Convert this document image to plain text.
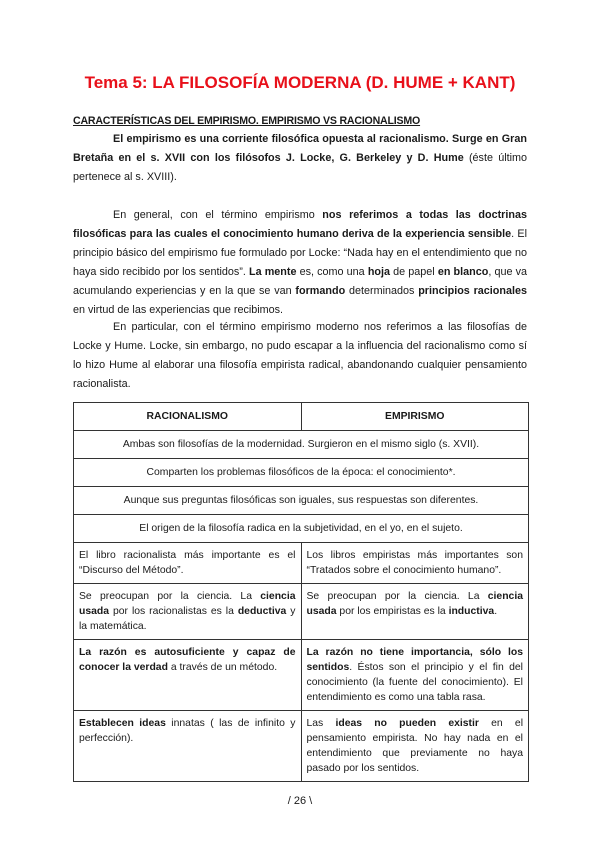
Tema 5: LA FILOSOFÍA MODERNA (D. HUME + KANT)
CARACTERÍSTICAS DEL EMPIRISMO. EMPIRISMO VS RACIONALISMO
El empirismo es una corriente filosófica opuesta al racionalismo. Surge en Gran Bretaña en el s. XVII con los filósofos J. Locke, G. Berkeley y D. Hume (éste último pertenece al s. XVIII).
En general, con el término empirismo nos referimos a todas las doctrinas filosóficas para las cuales el conocimiento humano deriva de la experiencia sensible. El principio básico del empirismo fue formulado por Locke: “Nada hay en el entendimiento que no haya sido recibido por los sentidos”. La mente es, como una hoja de papel en blanco, que va acumulando experiencias y en la que se van formando determinados principios racionales en virtud de las experiencias que recibimos.
En particular, con el término empirismo moderno nos referimos a las filosofías de Locke y Hume. Locke, sin embargo, no pudo escapar a la influencia del racionalismo como sí lo hizo Hume al elaborar una filosofía empirista radical, abandonando cualquier pensamiento racionalista.
RACIONALISMO	EMPIRISMO
Ambas son filosofías de la modernidad. Surgieron en el mismo siglo (s. XVII).	
Comparten los problemas filosóficos de la época: el conocimiento*.	
Aunque sus preguntas filosóficas son iguales, sus respuestas son diferentes.	
El origen de la filosofía radica en la subjetividad, en el yo, en el sujeto.	
El libro racionalista más importante es el “Discurso del Método”.	Los libros empiristas más importantes son “Tratados sobre el conocimiento humano”.
Se preocupan por la ciencia. La ciencia usada por los racionalistas es la deductiva y la matemática.	Se preocupan por la ciencia. La ciencia usada por los empiristas es la inductiva.
La razón es autosuficiente y capaz de conocer la verdad a través de un método.	La razón no tiene importancia, sólo los sentidos. Éstos son el principio y el fin del conocimiento (la fuente del conocimiento). El entendimiento es como una tabla rasa.
Establecen ideas innatas ( las de infinito y perfección).	Las ideas no pueden existir en el pensamiento empirista. No hay nada en el entendimiento que previamente no haya pasado por los sentidos.
/ 26 \
